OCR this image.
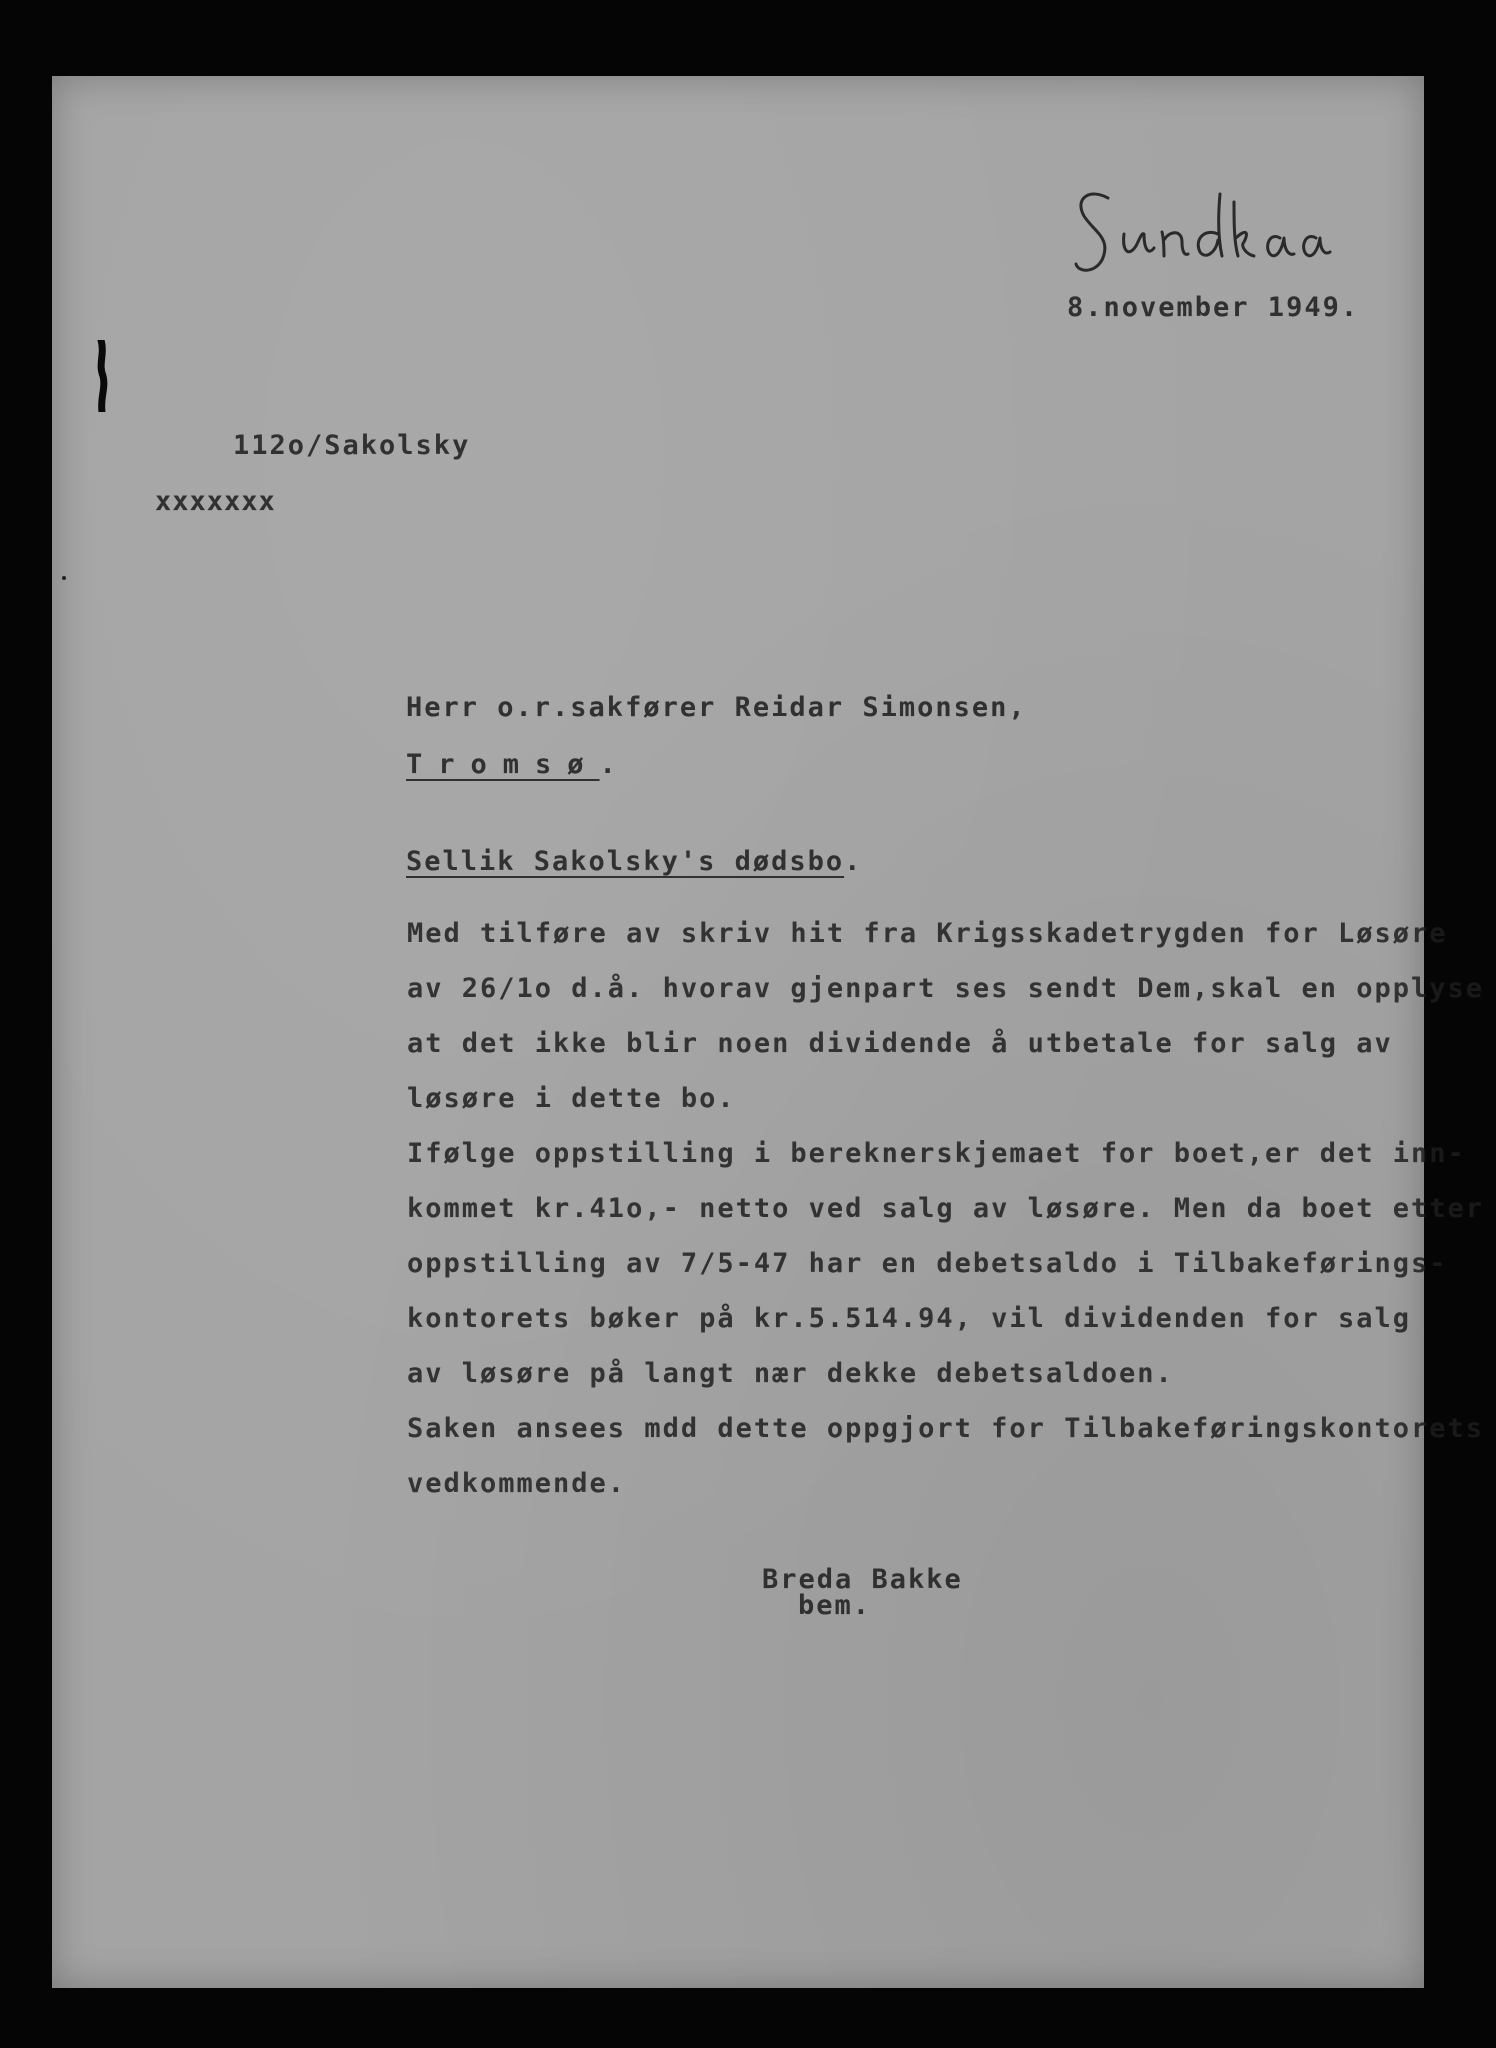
8.november 1949.
112o/Sakolsky
xxxxxxx
Herr o.r.sakfører Reidar Simonsen,
Tromsø.
Sellik Sakolsky's dødsbo.
Med tilføre av skriv hit fra Krigsskadetrygden for Løsøre
av 26/1o d.å. hvorav gjenpart ses sendt Dem,skal en opplyse
at det ikke blir noen dividende å utbetale for salg av
løsøre i dette bo.
Ifølge oppstilling i bereknerskjemaet for boet,er det inn-
kommet kr.41o,- netto ved salg av løsøre. Men da boet etter
oppstilling av 7/5-47 har en debetsaldo i Tilbakeførings-
kontorets bøker på kr.5.514.94, vil dividenden for salg
av løsøre på langt nær dekke debetsaldoen.
Saken ansees mdd dette oppgjort for Tilbakeføringskontorets
vedkommende.
Breda Bakke
bem.
